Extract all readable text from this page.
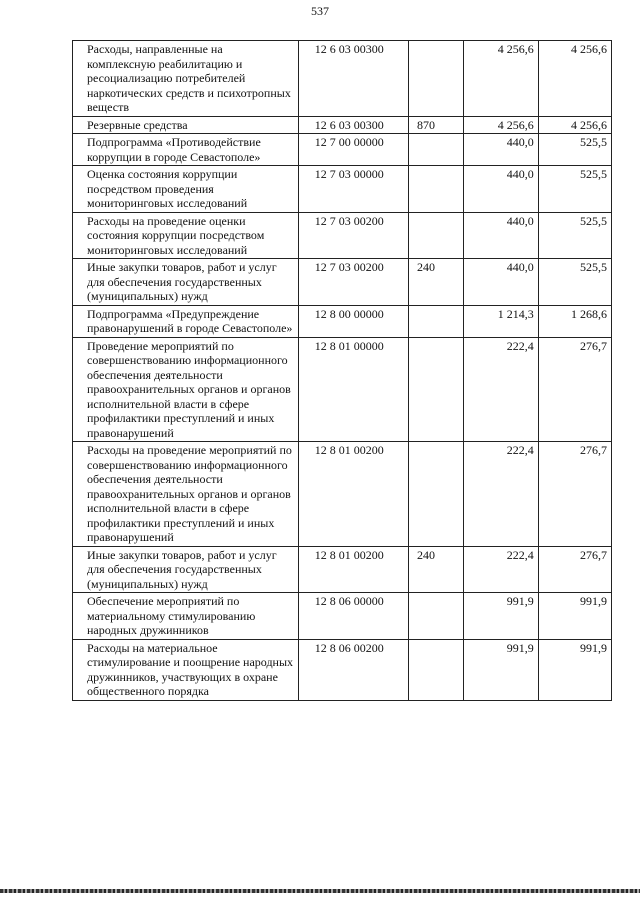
537
Расходы, направленные на комплексную реабилитацию и ресоциализацию потребителей наркотических средств и психотропных веществ	12 6 03 00300		4 256,6	4 256,6
Резервные средства	12 6 03 00300	870	4 256,6	4 256,6
Подпрограмма «Противодействие коррупции в городе Севастополе»	12 7 00 00000		440,0	525,5
Оценка состояния коррупции посредством проведения мониторинговых исследований	12 7 03 00000		440,0	525,5
Расходы на проведение оценки состояния коррупции посредством мониторинговых исследований	12 7 03 00200		440,0	525,5
Иные закупки товаров, работ и услуг для обеспечения государственных (муниципальных) нужд	12 7 03 00200	240	440,0	525,5
Подпрограмма «Предупреждение правонарушений в городе Севастополе»	12 8 00 00000		1 214,3	1 268,6
Проведение мероприятий по совершенствованию информационного обеспечения деятельности правоохранительных органов и органов исполнительной власти в сфере профилактики преступлений и иных правонарушений	12 8 01 00000		222,4	276,7
Расходы на проведение мероприятий по совершенствованию информационного обеспечения деятельности правоохранительных органов и органов исполнительной власти в сфере профилактики преступлений и иных правонарушений	12 8 01 00200		222,4	276,7
Иные закупки товаров, работ и услуг для обеспечения государственных (муниципальных) нужд	12 8 01 00200	240	222,4	276,7
Обеспечение мероприятий по материальному стимулированию народных дружинников	12 8 06 00000		991,9	991,9
Расходы на материальное стимулирование и поощрение народных дружинников, участвующих в охране общественного порядка	12 8 06 00200		991,9	991,9
